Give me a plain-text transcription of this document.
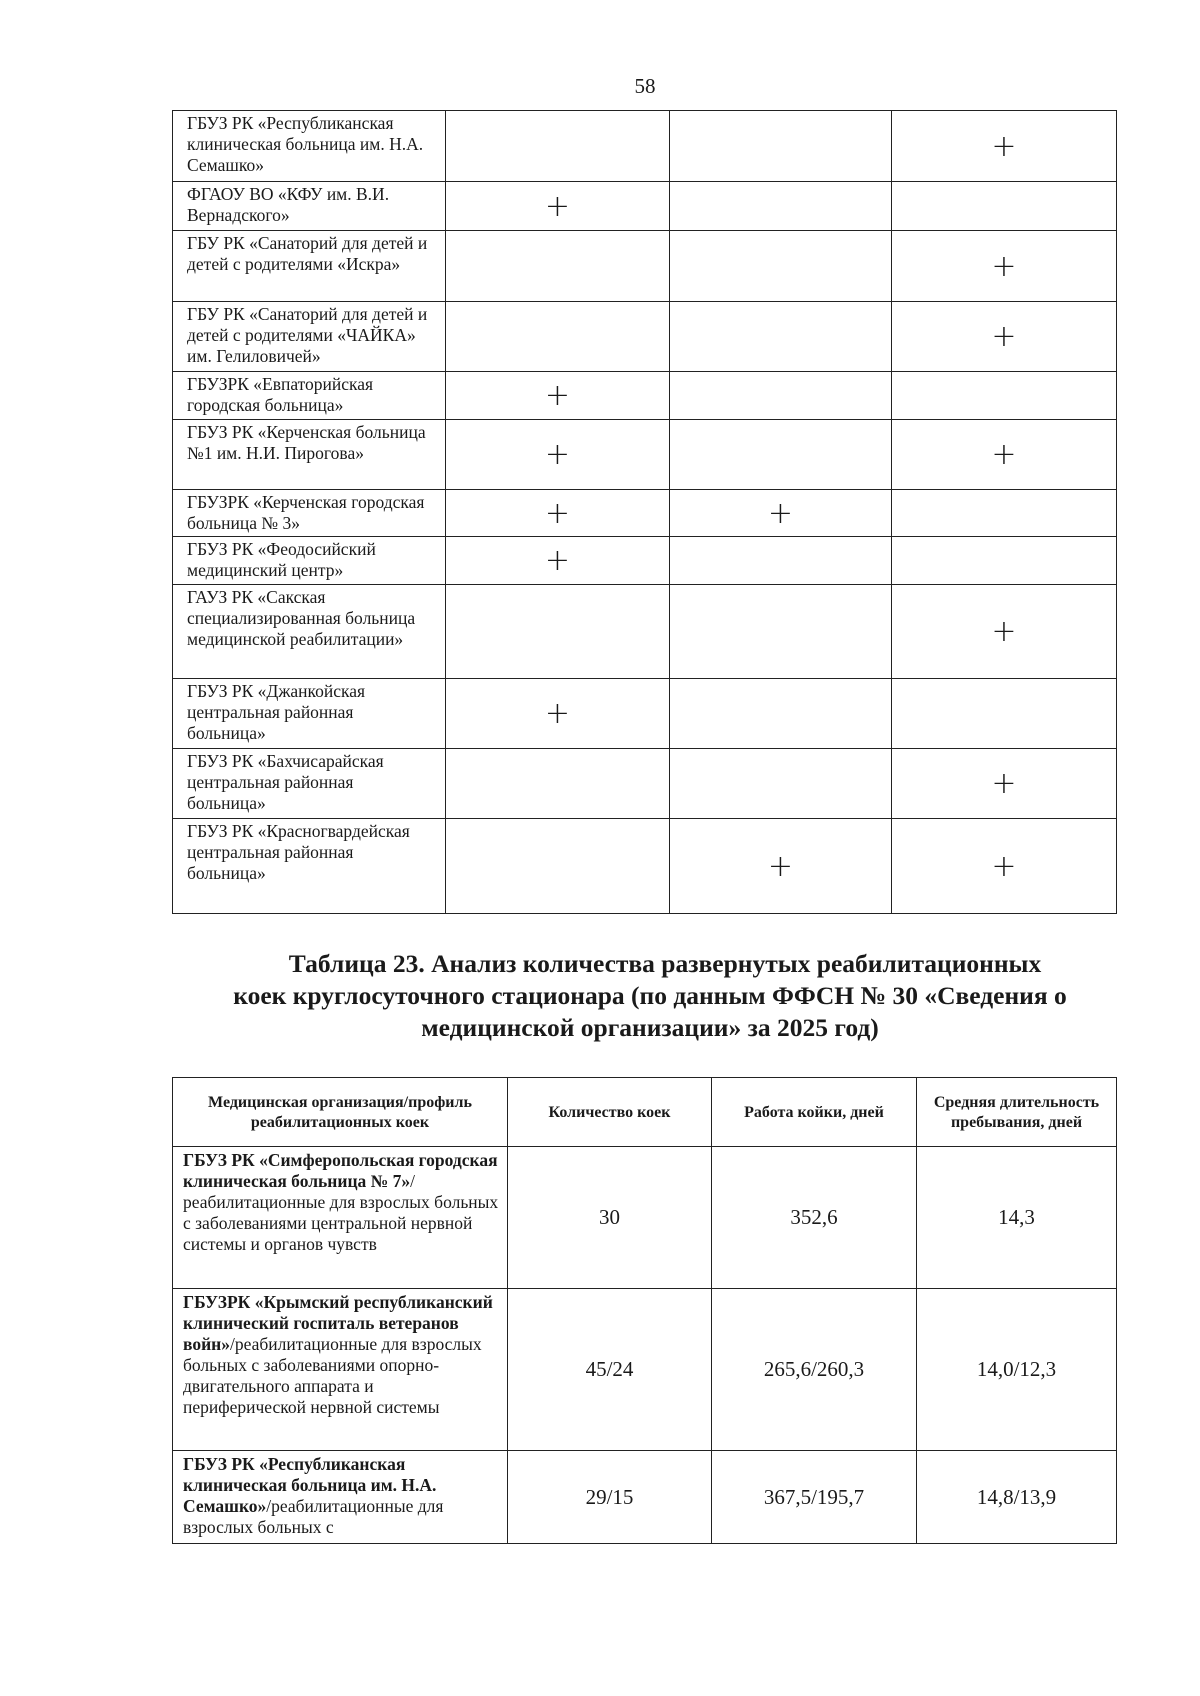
58
ГБУЗ РК «Республиканская клиническая больница им. Н.А. Семашко»			+
ФГАОУ ВО «КФУ им. В.И. Вернадского»	+		
ГБУ РК «Санаторий для детей и детей с родителями «Искра»			+
ГБУ РК «Санаторий для детей и детей с родителями «ЧАЙКА» им. Гелиловичей»			+
ГБУЗРК «Евпаторийская городская больница»	+		
ГБУЗ РК «Керченская больница №1 им. Н.И. Пирогова»	+		+
ГБУЗРК «Керченская городская больница № 3»	+	+	
ГБУЗ РК «Феодосийский медицинский центр»	+		
ГАУЗ РК «Сакская специализированная больница медицинской реабилитации»			+
ГБУЗ РК «Джанкойская центральная районная больница»	+		
ГБУЗ РК «Бахчисарайская центральная районная больница»			+
ГБУЗ РК «Красногвардейская центральная районная больница»		+	+
Таблица 23. Анализ количества развернутых реабилитационных
коек круглосуточного стационара (по данным ФФСН № 30 «Сведения о
медицинской организации» за 2025 год)
Медицинская организация/профиль реабилитационных коек	Количество коек	Работа койки, дней	Средняя длительность пребывания, дней
ГБУЗ РК «Симферопольская городская клиническая больница № 7»/реабилитационные для взрослых больных с заболеваниями центральной нервной системы и органов чувств	30	352,6	14,3
ГБУЗРК «Крымский республиканский клинический госпиталь ветеранов войн»/реабилитационные для взрослых больных с заболеваниями опорно-двигательного аппарата и периферической нервной системы	45/24	265,6/260,3	14,0/12,3
ГБУЗ РК «Республиканская клиническая больница им. Н.А. Семашко»/реабилитационные для взрослых больных с	29/15	367,5/195,7	14,8/13,9
